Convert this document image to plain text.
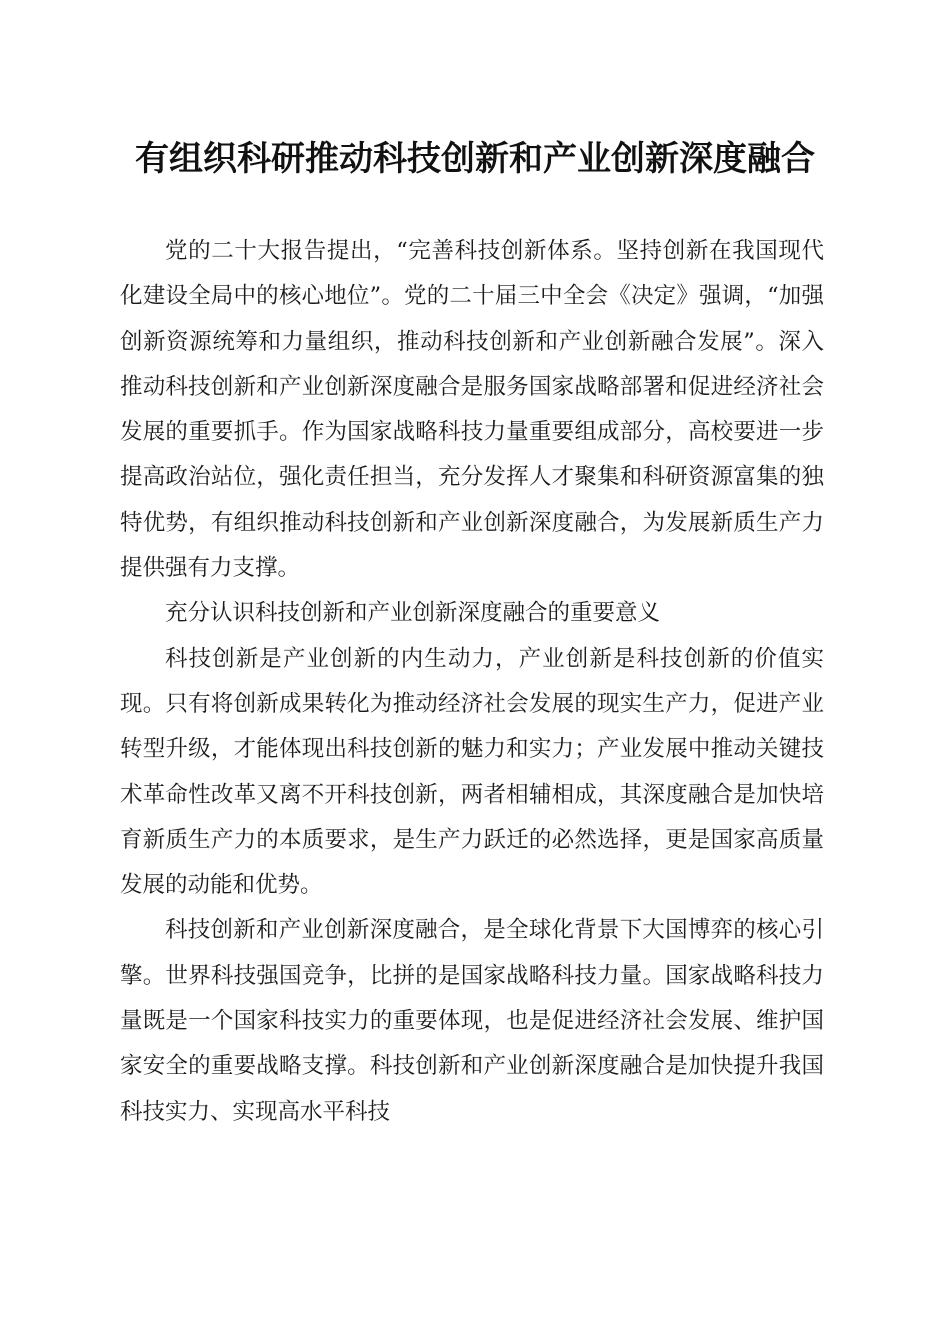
有组织科研推动科技创新和产业创新深度融合

党的二十大报告提出，“完善科技创新体系。坚持创新在我国现代化建设全局中的核心地位”。党的二十届三中全会《决定》强调，“加强创新资源统筹和力量组织，推动科技创新和产业创新融合发展”。深入推动科技创新和产业创新深度融合是服务国家战略部署和促进经济社会发展的重要抓手。作为国家战略科技力量重要组成部分，高校要进一步提高政治站位，强化责任担当，充分发挥人才聚集和科研资源富集的独特优势，有组织推动科技创新和产业创新深度融合，为发展新质生产力提供强有力支撑。

充分认识科技创新和产业创新深度融合的重要意义

科技创新是产业创新的内生动力，产业创新是科技创新的价值实现。只有将创新成果转化为推动经济社会发展的现实生产力，促进产业转型升级，才能体现出科技创新的魅力和实力；产业发展中推动关键技术革命性改革又离不开科技创新，两者相辅相成，其深度融合是加快培育新质生产力的本质要求，是生产力跃迁的必然选择，更是国家高质量发展的动能和优势。

科技创新和产业创新深度融合，是全球化背景下大国博弈的核心引擎。世界科技强国竞争，比拼的是国家战略科技力量。国家战略科技力量既是一个国家科技实力的重要体现，也是促进经济社会发展、维护国家安全的重要战略支撑。科技创新和产业创新深度融合是加快提升我国科技实力、实现高水平科技
